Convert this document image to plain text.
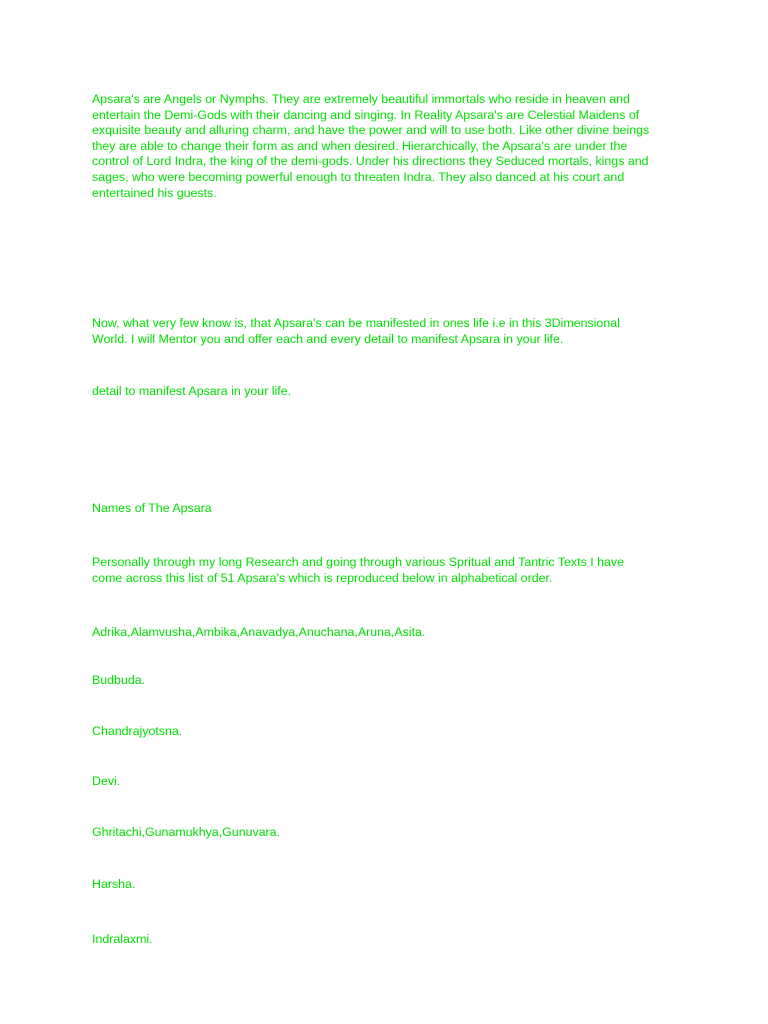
Apsara's are Angels or Nymphs. They are extremely beautiful immortals who reside in heaven and
entertain the Demi-Gods with their dancing and singing. In Reality Apsara's are Celestial Maidens of
exquisite beauty and alluring charm, and have the power and will to use both. Like other divine beings
they are able to change their form as and when desired. Hierarchically, the Apsara's are under the
control of Lord Indra, the king of the demi-gods. Under his directions they Seduced mortals, kings and
sages, who were becoming powerful enough to threaten Indra. They also danced at his court and
entertained his guests.

Now, what very few know is, that Apsara's can be manifested in ones life i.e in this 3Dimensional
World. I will Mentor you and offer each and every detail to manifest Apsara in your life.

detail to manifest Apsara in your life.

Names of The Apsara

Personally through my long Research and going through various Spritual and Tantric Texts I have
come across this list of 51 Apsara's which is reproduced below in alphabetical order.

Adrika,Alamvusha,Ambika,Anavadya,Anuchana,Aruna,Asita.

Budbuda.

Chandrajyotsna.

Devi.

Ghritachi,Gunamukhya,Gunuvara.

Harsha.

Indralaxmi.
